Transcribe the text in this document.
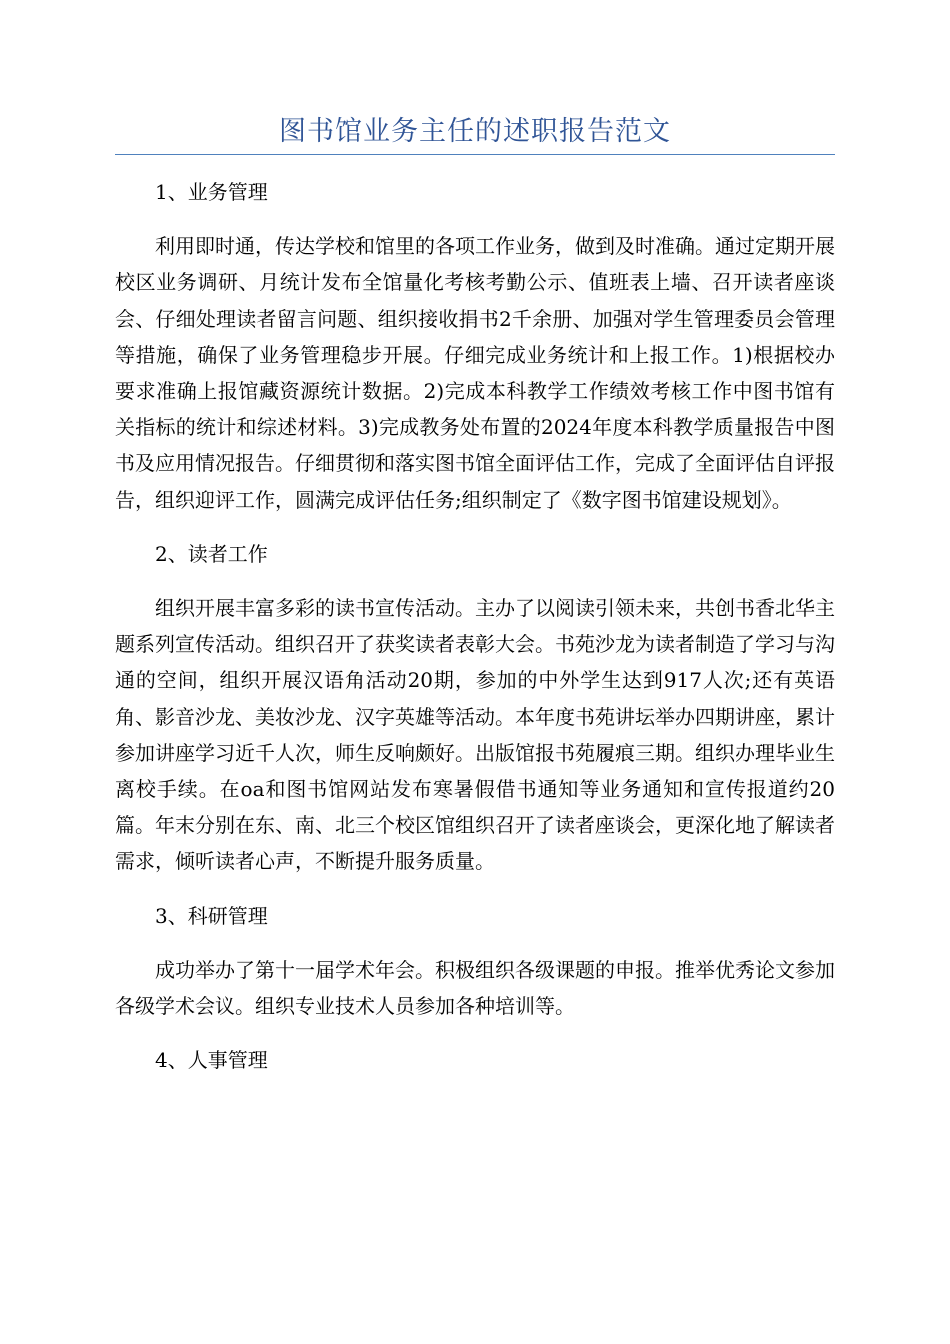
图书馆业务主任的述职报告范文

1、业务管理

利用即时通，传达学校和馆里的各项工作业务，做到及时准确。通过定期开展校区业务调研、月统计发布全馆量化考核考勤公示、值班表上墙、召开读者座谈会、仔细处理读者留言问题、组织接收捐书2千余册、加强对学生管理委员会管理等措施，确保了业务管理稳步开展。仔细完成业务统计和上报工作。1)根据校办要求准确上报馆藏资源统计数据。2)完成本科教学工作绩效考核工作中图书馆有关指标的统计和综述材料。3)完成教务处布置的2024年度本科教学质量报告中图书及应用情况报告。仔细贯彻和落实图书馆全面评估工作，完成了全面评估自评报告，组织迎评工作，圆满完成评估任务;组织制定了《数字图书馆建设规划》。

2、读者工作

组织开展丰富多彩的读书宣传活动。主办了以阅读引领未来，共创书香北华主题系列宣传活动。组织召开了获奖读者表彰大会。书苑沙龙为读者制造了学习与沟通的空间，组织开展汉语角活动20期，参加的中外学生达到917人次;还有英语角、影音沙龙、美妆沙龙、汉字英雄等活动。本年度书苑讲坛举办四期讲座，累计参加讲座学习近千人次，师生反响颇好。出版馆报书苑履痕三期。组织办理毕业生离校手续。在oa和图书馆网站发布寒暑假借书通知等业务通知和宣传报道约20篇。年末分别在东、南、北三个校区馆组织召开了读者座谈会，更深化地了解读者需求，倾听读者心声，不断提升服务质量。

3、科研管理

成功举办了第十一届学术年会。积极组织各级课题的申报。推举优秀论文参加各级学术会议。组织专业技术人员参加各种培训等。

4、人事管理
